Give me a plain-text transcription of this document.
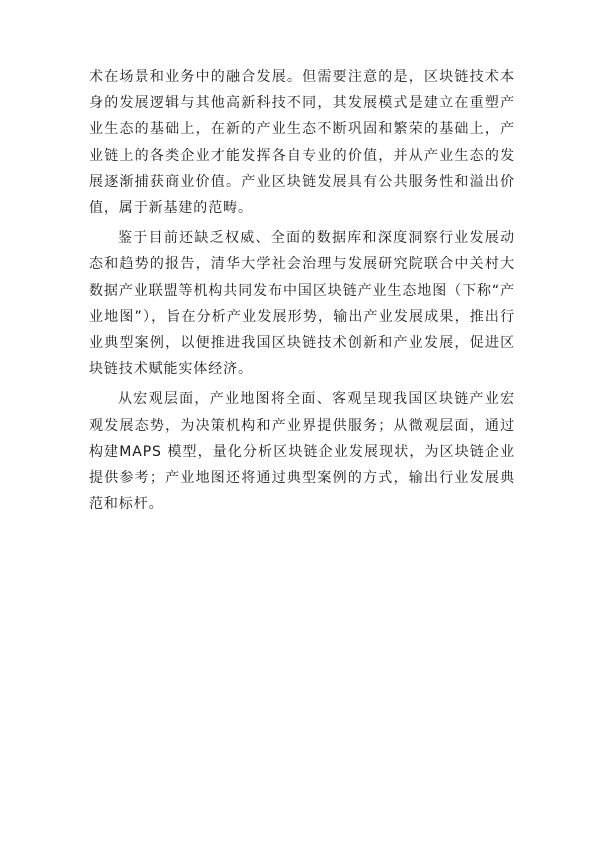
术在场景和业务中的融合发展。但需要注意的是，区块链技术本身的发展逻辑与其他高新科技不同，其发展模式是建立在重塑产业生态的基础上，在新的产业生态不断巩固和繁荣的基础上，产业链上的各类企业才能发挥各自专业的价值，并从产业生态的发展逐渐捕获商业价值。产业区块链发展具有公共服务性和溢出价值，属于新基建的范畴。

鉴于目前还缺乏权威、全面的数据库和深度洞察行业发展动态和趋势的报告，清华大学社会治理与发展研究院联合中关村大数据产业联盟等机构共同发布中国区块链产业生态地图（下称“产业地图”），旨在分析产业发展形势，输出产业发展成果，推出行业典型案例，以便推进我国区块链技术创新和产业发展，促进区块链技术赋能实体经济。

从宏观层面，产业地图将全面、客观呈现我国区块链产业宏观发展态势，为决策机构和产业界提供服务；从微观层面，通过构建MAPS 模型，量化分析区块链企业发展现状，为区块链企业提供参考；产业地图还将通过典型案例的方式，输出行业发展典范和标杆。
